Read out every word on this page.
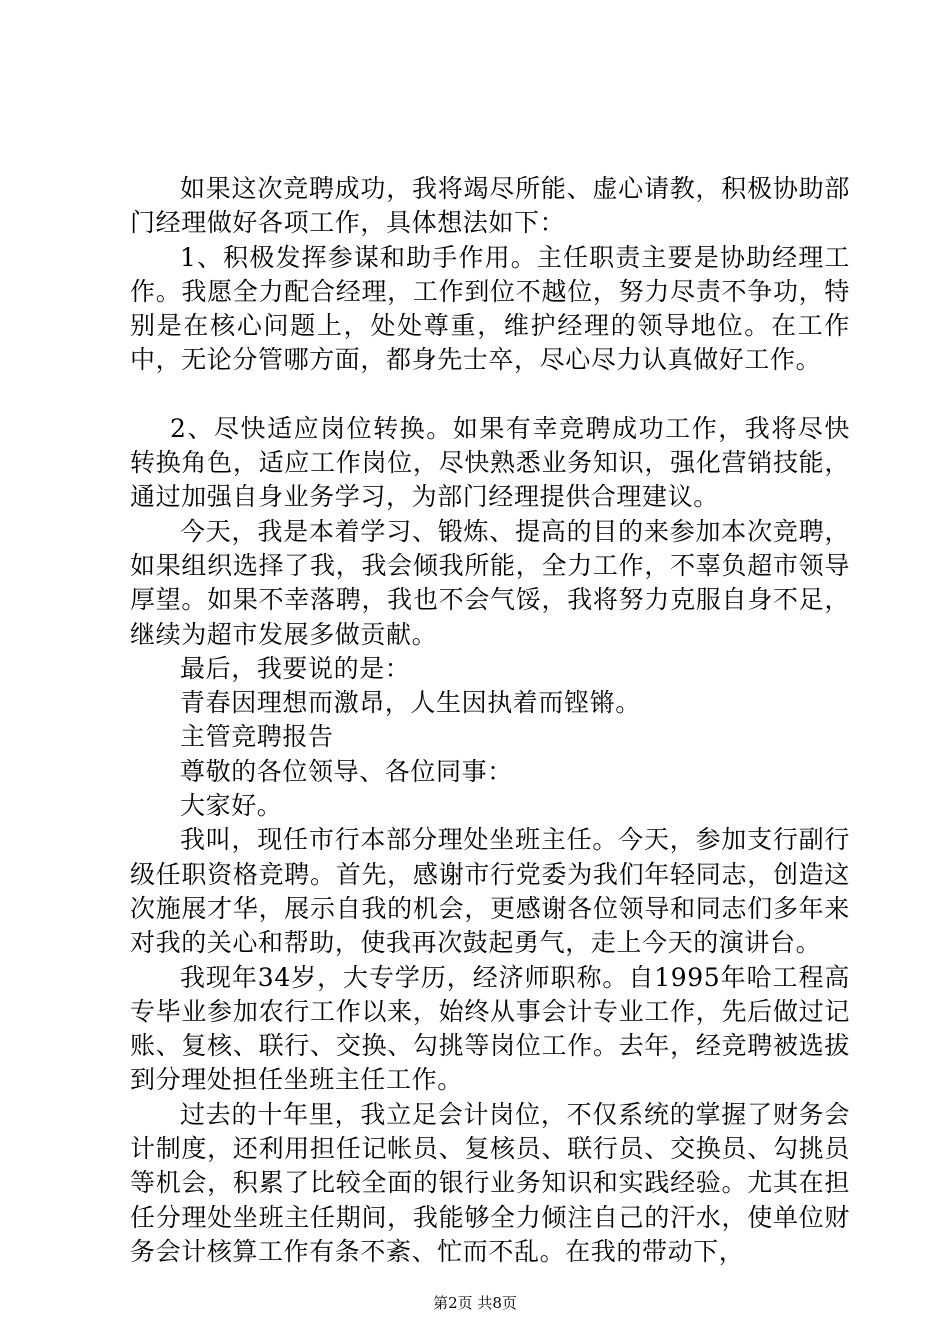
如果这次竞聘成功，我将竭尽所能、虚心请教，积极协助部门经理做好各项工作，具体想法如下：

1、积极发挥参谋和助手作用。主任职责主要是协助经理工作。我愿全力配合经理，工作到位不越位，努力尽责不争功，特别是在核心问题上，处处尊重，维护经理的领导地位。在工作中，无论分管哪方面，都身先士卒，尽心尽力认真做好工作。

2、尽快适应岗位转换。如果有幸竞聘成功工作，我将尽快转换角色，适应工作岗位，尽快熟悉业务知识，强化营销技能，通过加强自身业务学习，为部门经理提供合理建议。

今天，我是本着学习、锻炼、提高的目的来参加本次竞聘，如果组织选择了我，我会倾我所能，全力工作，不辜负超市领导厚望。如果不幸落聘，我也不会气馁，我将努力克服自身不足，继续为超市发展多做贡献。

最后，我要说的是：

青春因理想而激昂，人生因执着而铿锵。

主管竞聘报告

尊敬的各位领导、各位同事：

大家好。

我叫，现任市行本部分理处坐班主任。今天，参加支行副行级任职资格竞聘。首先，感谢市行党委为我们年轻同志，创造这次施展才华，展示自我的机会，更感谢各位领导和同志们多年来对我的关心和帮助，使我再次鼓起勇气，走上今天的演讲台。

我现年34岁，大专学历，经济师职称。自1995年哈工程高专毕业参加农行工作以来，始终从事会计专业工作，先后做过记账、复核、联行、交换、勾挑等岗位工作。去年，经竞聘被选拔到分理处担任坐班主任工作。

过去的十年里，我立足会计岗位，不仅系统的掌握了财务会计制度，还利用担任记帐员、复核员、联行员、交换员、勾挑员等机会，积累了比较全面的银行业务知识和实践经验。尤其在担任分理处坐班主任期间，我能够全力倾注自己的汗水，使单位财务会计核算工作有条不紊、忙而不乱。在我的带动下，

第2页 共8页
